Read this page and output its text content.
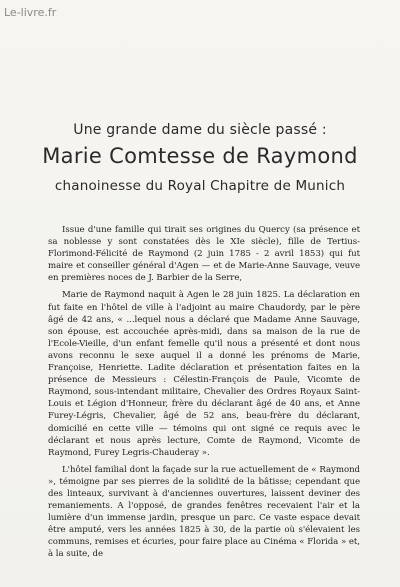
Le-livre.fr
Une grande dame du siècle passé :
Marie Comtesse de Raymond
chanoinesse du Royal Chapitre de Munich

Issue d'une famille qui tirait ses origines du Quercy (sa présence et sa noblesse y sont constatées dès le XIe siècle), fille de Tertius-Florimond-Félicité de Raymond (2 juin 1785 - 2 avril 1853) qui fut maire et conseiller général d'Agen — et de Marie-Anne Sauvage, veuve en premières noces de J. Barbier de la Serre,

Marie de Raymond naquit à Agen le 28 juin 1825. La déclaration en fut faite en l'hôtel de ville à l'adjoint au maire Chaudordy, par le père âgé de 42 ans, « ...lequel nous a déclaré que Madame Anne Sauvage, son épouse, est accouchée après-midi, dans sa maison de la rue de l'Ecole-Vieille, d'un enfant femelle qu'il nous a présenté et dont nous avons reconnu le sexe auquel il a donné les prénoms de Marie, Françoise, Henriette. Ladite déclaration et présentation faites en la présence de Messieurs : Célestin-François de Paule, Vicomte de Raymond, sous-intendant militaire, Chevalier des Ordres Royaux Saint-Louis et Légion d'Honneur, frère du déclarant âgé de 40 ans, et Anne Furey-Légris, Chevalier, âgé de 52 ans, beau-frère du déclarant, domicilié en cette ville — témoins qui ont signé ce requis avec le déclarant et nous après lecture, Comte de Raymond, Vicomte de Raymond, Furey Legris-Chauderay ».

L'hôtel familial dont la façade sur la rue actuellement de « Raymond », témoigne par ses pierres de la solidité de la bâtisse; cependant que des linteaux, survivant à d'anciennes ouvertures, laissent deviner des remaniements. A l'opposé, de grandes fenêtres recevaient l'air et la lumière d'un immense jardin, presque un parc. Ce vaste espace devait être amputé, vers les années 1825 à 30, de la partie où s'élevaient les communs, remises et écuries, pour faire place au Cinéma « Florida » et, à la suite, de
